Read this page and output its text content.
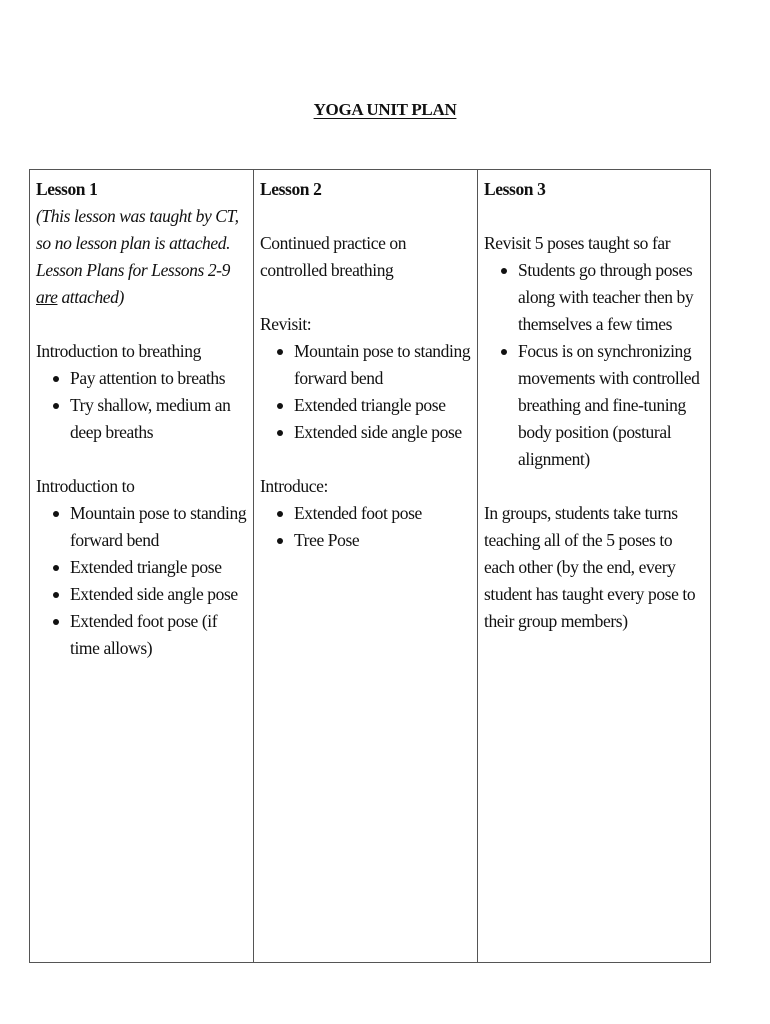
YOGA UNIT PLAN
Lesson 1
(This lesson was taught by CT, so no lesson plan is attached. Lesson Plans for Lessons 2-9 are attached)
Introduction to breathing
Pay attention to breaths
Try shallow, medium an deep breaths
Introduction to
Mountain pose to standing forward bend
Extended triangle pose
Extended side angle pose
Extended foot pose (if time allows)

Lesson 2
Continued practice on controlled breathing
Revisit:
Mountain pose to standing forward bend
Extended triangle pose
Extended side angle pose
Introduce:
Extended foot pose
Tree Pose

Lesson 3
Revisit 5 poses taught so far
Students go through poses along with teacher then by themselves a few times
Focus is on synchronizing movements with controlled breathing and fine-tuning body position (postural alignment)
In groups, students take turns teaching all of the 5 poses to each other (by the end, every student has taught every pose to their group members)
